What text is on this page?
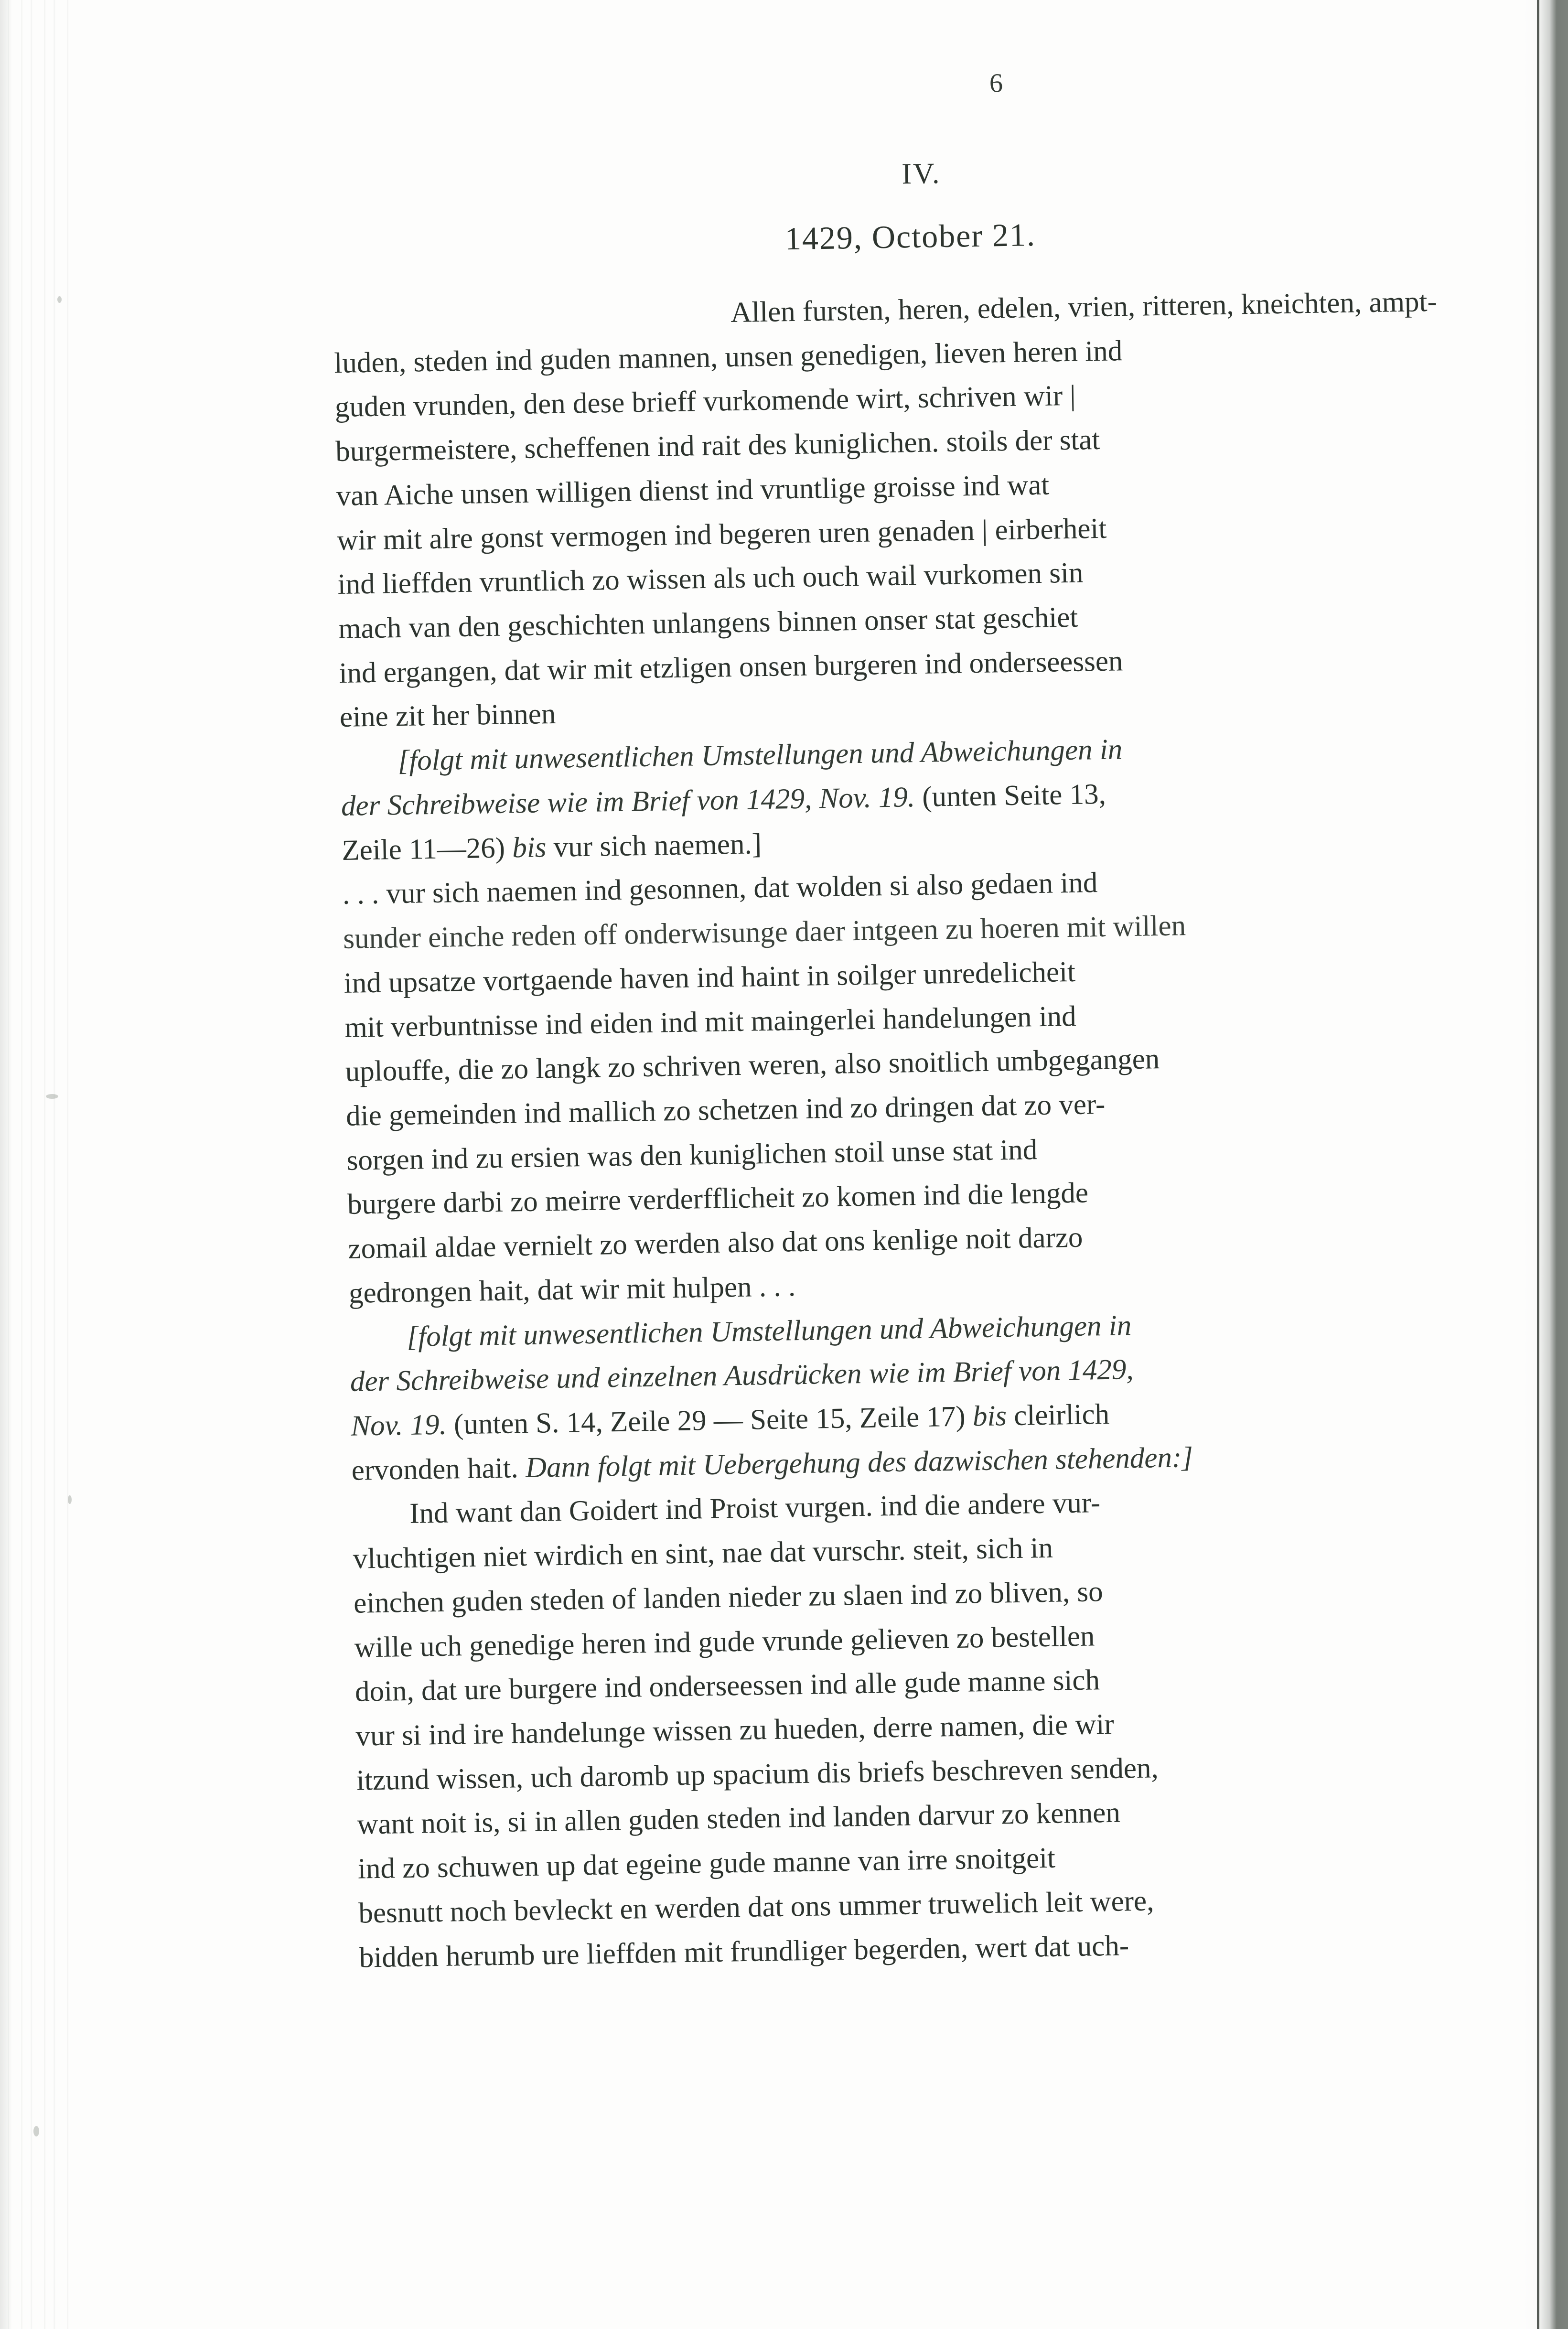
6
IV.
1429, October 21.

Allen fursten, heren, edelen, vrien, ritteren, kneichten, ampt-
luden, steden ind guden mannen, unsen genedigen, lieven heren ind
guden vrunden, den dese brieff vurkomende wirt, schriven wir |
burgermeistere, scheffenen ind rait des kuniglichen. stoils der stat
van Aiche unsen willigen dienst ind vruntlige groisse ind wat
wir mit alre gonst vermogen ind begeren uren genaden | eirberheit
ind lieffden vruntlich zo wissen als uch ouch wail vurkomen sin
mach van den geschichten unlangens binnen onser stat geschiet
ind ergangen, dat wir mit etzligen onsen burgeren ind onderseessen
eine zit her binnen

[folgt mit unwesentlichen Umstellungen und Abweichungen in
der Schreibweise wie im Brief von 1429, Nov. 19. (unten Seite 13,
Zeile 11—26) bis vur sich naemen.]

. . . vur sich naemen ind gesonnen, dat wolden si also gedaen ind
sunder einche reden off onderwisunge daer intgeen zu hoeren mit willen
ind upsatze vortgaende haven ind haint in soilger unredelicheit
mit verbuntnisse ind eiden ind mit maingerlei handelungen ind
uplouffe, die zo langk zo schriven weren, also snoitlich umbgegangen
die gemeinden ind mallich zo schetzen ind zo dringen dat zo ver-
sorgen ind zu ersien was den kuniglichen stoil unse stat ind
burgere darbi zo meirre verderfflicheit zo komen ind die lengde
zomail aldae vernielt zo werden also dat ons kenlige noit darzo
gedrongen hait, dat wir mit hulpen . . .

[folgt mit unwesentlichen Umstellungen und Abweichungen in
der Schreibweise und einzelnen Ausdrücken wie im Brief von 1429,
Nov. 19. (unten S. 14, Zeile 29 — Seite 15, Zeile 17) bis cleirlich
ervonden hait. Dann folgt mit Uebergehung des dazwischen stehenden:]

Ind want dan Goidert ind Proist vurgen. ind die andere vur-
vluchtigen niet wirdich en sint, nae dat vurschr. steit, sich in
einchen guden steden of landen nieder zu slaen ind zo bliven, so
wille uch genedige heren ind gude vrunde gelieven zo bestellen
doin, dat ure burgere ind onderseessen ind alle gude manne sich
vur si ind ire handelunge wissen zu hueden, derre namen, die wir
itzund wissen, uch daromb up spacium dis briefs beschreven senden,
want noit is, si in allen guden steden ind landen darvur zo kennen
ind zo schuwen up dat egeine gude manne van irre snoitgeit
besnutt noch bevleckt en werden dat ons ummer truwelich leit were,
bidden herumb ure lieffden mit frundliger begerden, wert dat uch-
